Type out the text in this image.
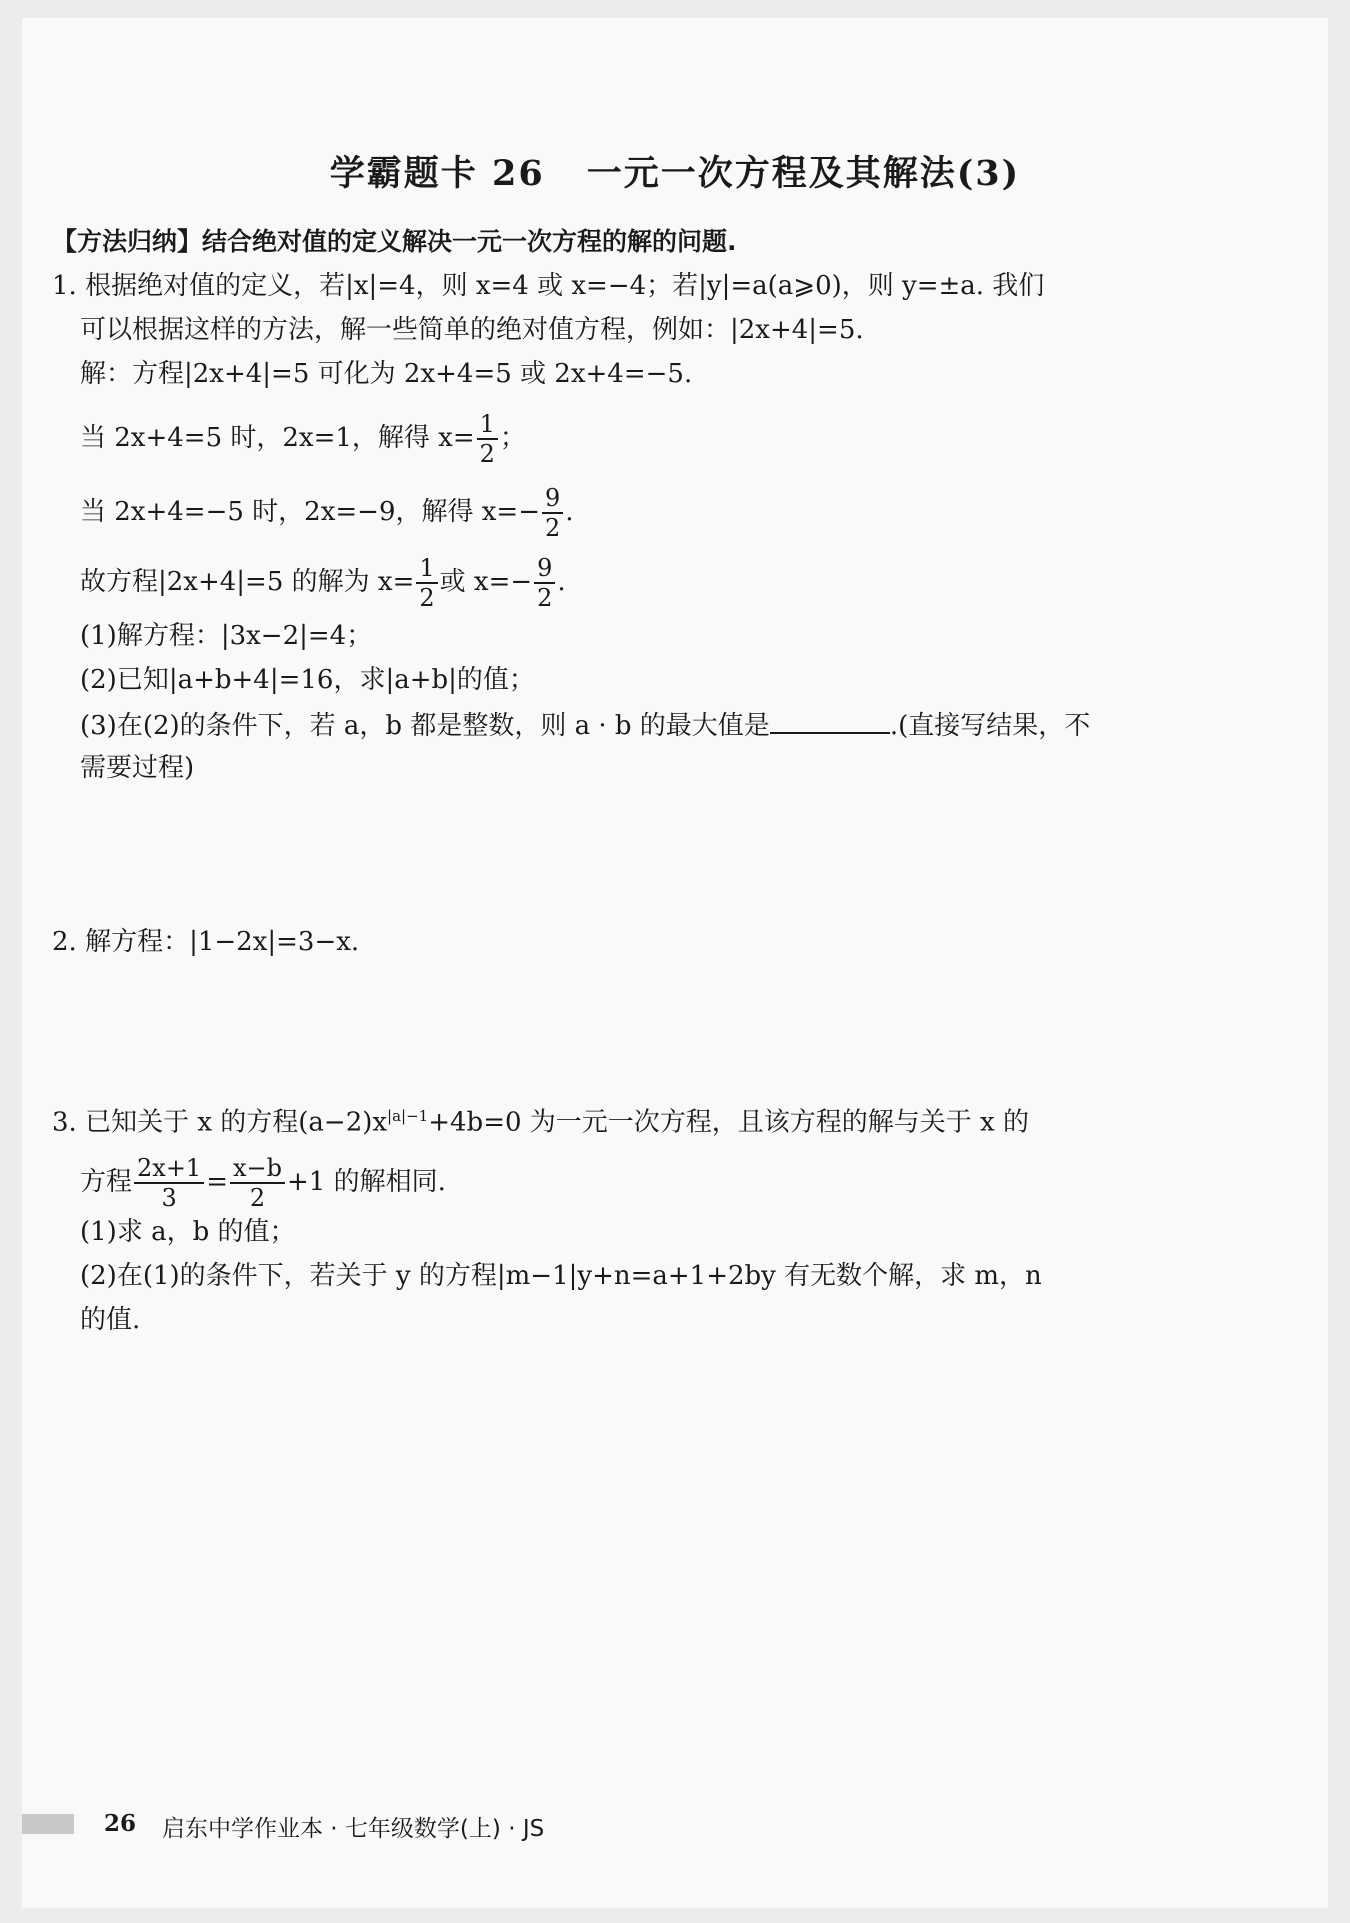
学霸题卡 26 一元一次方程及其解法(3)
【方法归纳】结合绝对值的定义解决一元一次方程的解的问题.
1. 根据绝对值的定义，若|x|=4，则 x=4 或 x=−4；若|y|=a(a⩾0)，则 y=±a. 我们
可以根据这样的方法，解一些简单的绝对值方程，例如：|2x+4|=5.
解：方程|2x+4|=5 可化为 2x+4=5 或 2x+4=−5.
当 2x+4=5 时，2x=1，解得 $x= \frac{1}{2}$ ；
当 2x+4=−5 时，2x=−9，解得 $x=- \frac{9}{2}$ .
故方程|2x+4|=5 的解为 $x= \frac{1}{2}$ 或 $x=- \frac{9}{2}$ .
(1)解方程：|3x−2|=4；
(2)已知|a+b+4|=16，求|a+b|的值；
(3)在(2)的条件下，若 a，b 都是整数，则 a · b 的最大值是	.(直接写结果，不
需要过程)
2. 解方程：|1−2x|=3−x.
3. 已知关于 x 的方程$(a-2)x^{|a|-1}+4b=0$ 为一元一次方程，且该方程的解与关于 x 的
方程 $\frac{2x+1}{3} = \frac{x-b}{2} +1$ 的解相同.
(1)求 a，b 的值；
(2)在(1)的条件下，若关于 y 的方程|m−1|y+n=a+1+2by 有无数个解，求 m，n
的值.
26 启东中学作业本 · 七年级数学(上) · JS
